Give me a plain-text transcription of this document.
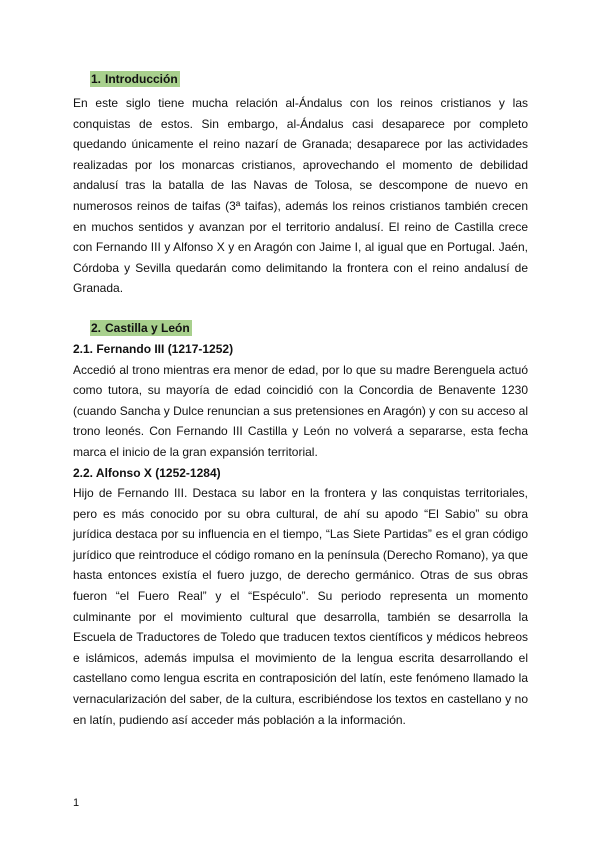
1. Introducción

En este siglo tiene mucha relación al-Ándalus con los reinos cristianos y las conquistas de estos. Sin embargo, al-Ándalus casi desaparece por completo quedando únicamente el reino nazarí de Granada; desaparece por las actividades realizadas por los monarcas cristianos, aprovechando el momento de debilidad andalusí tras la batalla de las Navas de Tolosa, se descompone de nuevo en numerosos reinos de taifas (3ª taifas), además los reinos cristianos también crecen en muchos sentidos y avanzan por el territorio andalusí. El reino de Castilla crece con Fernando III y Alfonso X y en Aragón con Jaime I, al igual que en Portugal. Jaén, Córdoba y Sevilla quedarán como delimitando la frontera con el reino andalusí de Granada.

2. Castilla y León
2.1. Fernando III (1217-1252)

Accedió al trono mientras era menor de edad, por lo que su madre Berenguela actuó como tutora, su mayoría de edad coincidió con la Concordia de Benavente 1230 (cuando Sancha y Dulce renuncian a sus pretensiones en Aragón) y con su acceso al trono leonés. Con Fernando III Castilla y León no volverá a separarse, esta fecha marca el inicio de la gran expansión territorial.

2.2. Alfonso X (1252-1284)

Hijo de Fernando III. Destaca su labor en la frontera y las conquistas territoriales, pero es más conocido por su obra cultural, de ahí su apodo “El Sabio” su obra jurídica destaca por su influencia en el tiempo, “Las Siete Partidas” es el gran código jurídico que reintroduce el código romano en la península (Derecho Romano), ya que hasta entonces existía el fuero juzgo, de derecho germánico. Otras de sus obras fueron “el Fuero Real” y el “Espéculo”. Su periodo representa un momento culminante por el movimiento cultural que desarrolla, también se desarrolla la Escuela de Traductores de Toledo que traducen textos científicos y médicos hebreos e islámicos, además impulsa el movimiento de la lengua escrita desarrollando el castellano como lengua escrita en contraposición del latín, este fenómeno llamado la vernacularización del saber, de la cultura, escribiéndose los textos en castellano y no en latín, pudiendo así acceder más población a la información.

1
